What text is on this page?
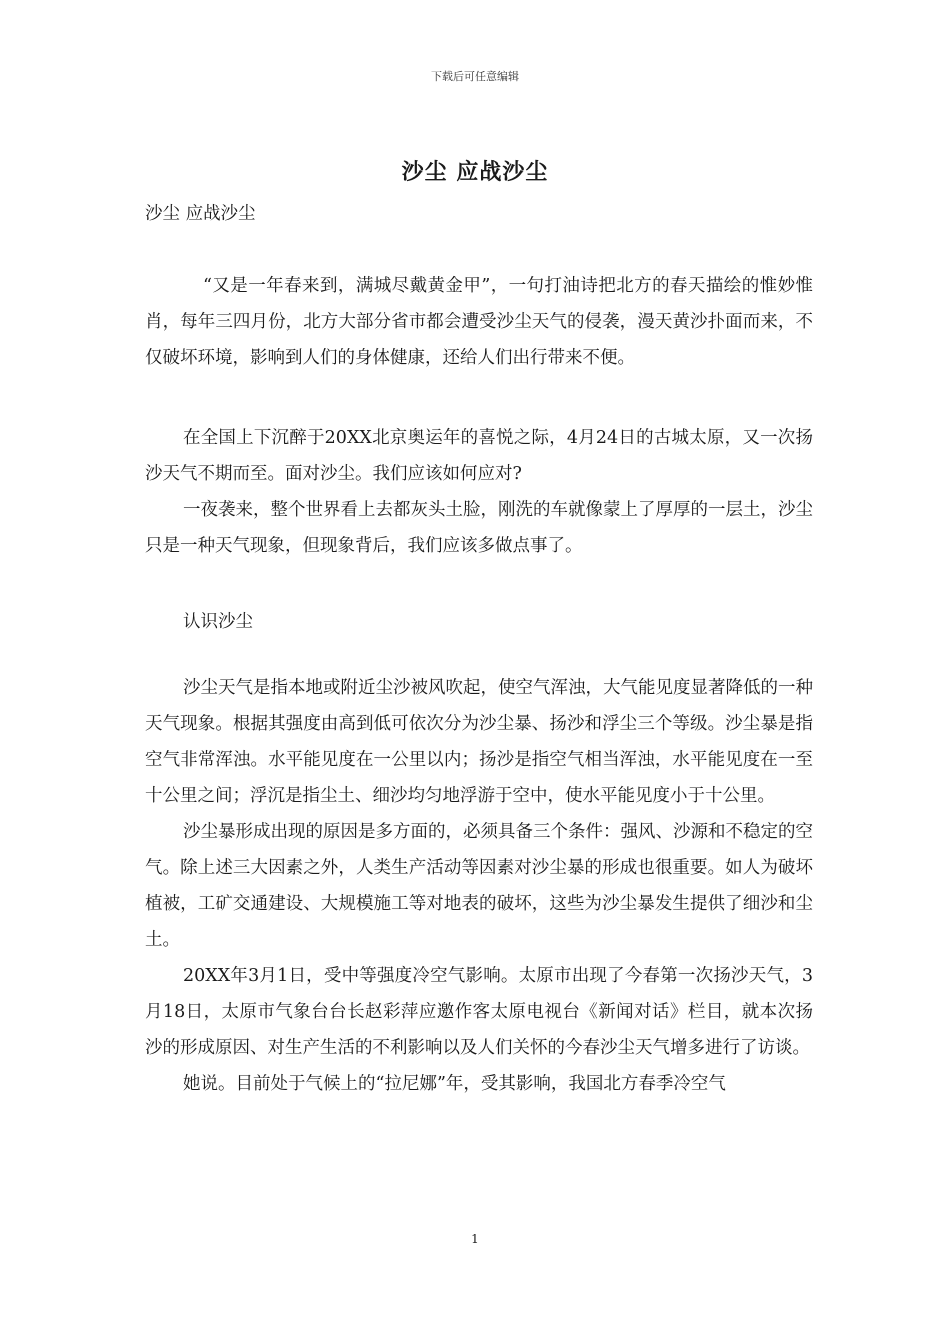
下载后可任意编辑
沙尘 应战沙尘

沙尘 应战沙尘

“又是一年春来到，满城尽戴黄金甲”，一句打油诗把北方的春天描绘的惟妙惟肖，每年三四月份，北方大部分省市都会遭受沙尘天气的侵袭，漫天黄沙扑面而来，不仅破坏环境，影响到人们的身体健康，还给人们出行带来不便。

在全国上下沉醉于20XX北京奥运年的喜悦之际，4月24日的古城太原，又一次扬沙天气不期而至。面对沙尘。我们应该如何应对?

一夜袭来，整个世界看上去都灰头土脸，刚洗的车就像蒙上了厚厚的一层土，沙尘只是一种天气现象，但现象背后，我们应该多做点事了。

认识沙尘

沙尘天气是指本地或附近尘沙被风吹起，使空气浑浊，大气能见度显著降低的一种天气现象。根据其强度由高到低可依次分为沙尘暴、扬沙和浮尘三个等级。沙尘暴是指空气非常浑浊。水平能见度在一公里以内；扬沙是指空气相当浑浊，水平能见度在一至十公里之间；浮沉是指尘土、细沙均匀地浮游于空中，使水平能见度小于十公里。

沙尘暴形成出现的原因是多方面的，必须具备三个条件：强风、沙源和不稳定的空气。除上述三大因素之外，人类生产活动等因素对沙尘暴的形成也很重要。如人为破坏植被，工矿交通建设、大规模施工等对地表的破坏，这些为沙尘暴发生提供了细沙和尘土。

20XX年3月1日，受中等强度冷空气影响。太原市出现了今春第一次扬沙天气，3月18日，太原市气象台台长赵彩萍应邀作客太原电视台《新闻对话》栏目，就本次扬沙的形成原因、对生产生活的不利影响以及人们关怀的今春沙尘天气增多进行了访谈。

她说。目前处于气候上的“拉尼娜”年，受其影响，我国北方春季冷空气

1
